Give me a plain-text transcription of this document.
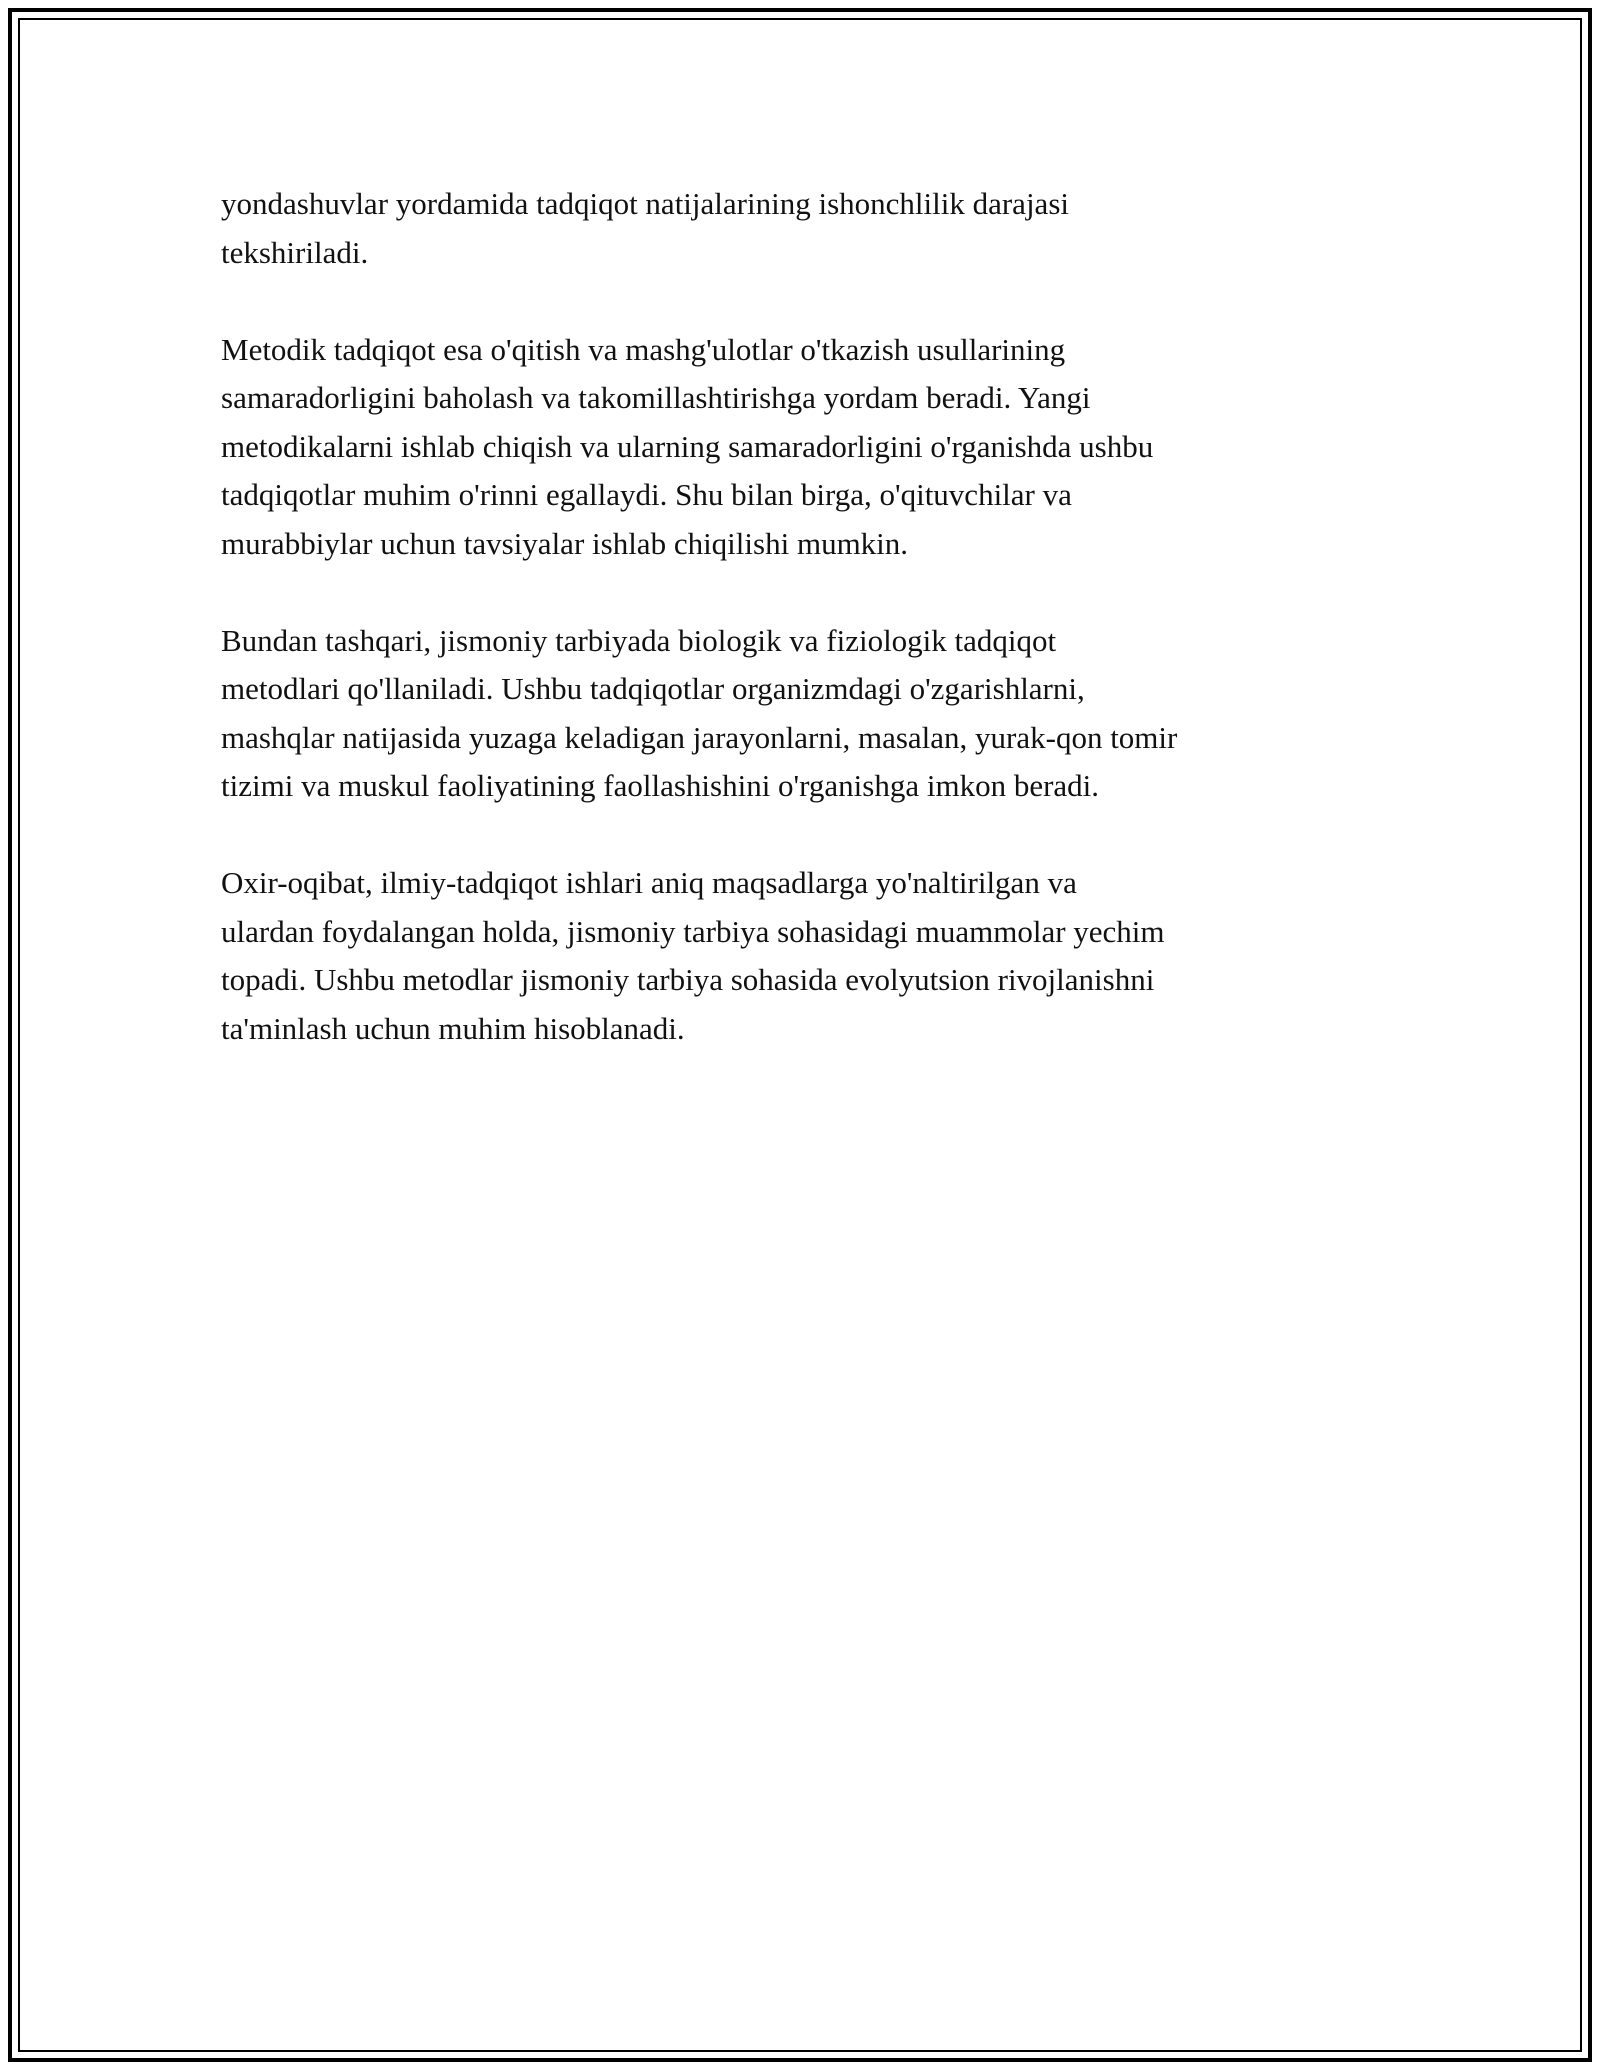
yondashuvlar yordamida tadqiqot natijalarining ishonchlilik darajasi
tekshiriladi.

Metodik tadqiqot esa o'qitish va mashg'ulotlar o'tkazish usullarining
samaradorligini baholash va takomillashtirishga yordam beradi. Yangi
metodikalarni ishlab chiqish va ularning samaradorligini o'rganishda ushbu
tadqiqotlar muhim o'rinni egallaydi. Shu bilan birga, o'qituvchilar va
murabbiylar uchun tavsiyalar ishlab chiqilishi mumkin.

Bundan tashqari, jismoniy tarbiyada biologik va fiziologik tadqiqot
metodlari qo'llaniladi. Ushbu tadqiqotlar organizmdagi o'zgarishlarni,
mashqlar natijasida yuzaga keladigan jarayonlarni, masalan, yurak-qon tomir
tizimi va muskul faoliyatining faollashishini o'rganishga imkon beradi.

Oxir-oqibat, ilmiy-tadqiqot ishlari aniq maqsadlarga yo'naltirilgan va
ulardan foydalangan holda, jismoniy tarbiya sohasidagi muammolar yechim
topadi. Ushbu metodlar jismoniy tarbiya sohasida evolyutsion rivojlanishni
ta'minlash uchun muhim hisoblanadi.
